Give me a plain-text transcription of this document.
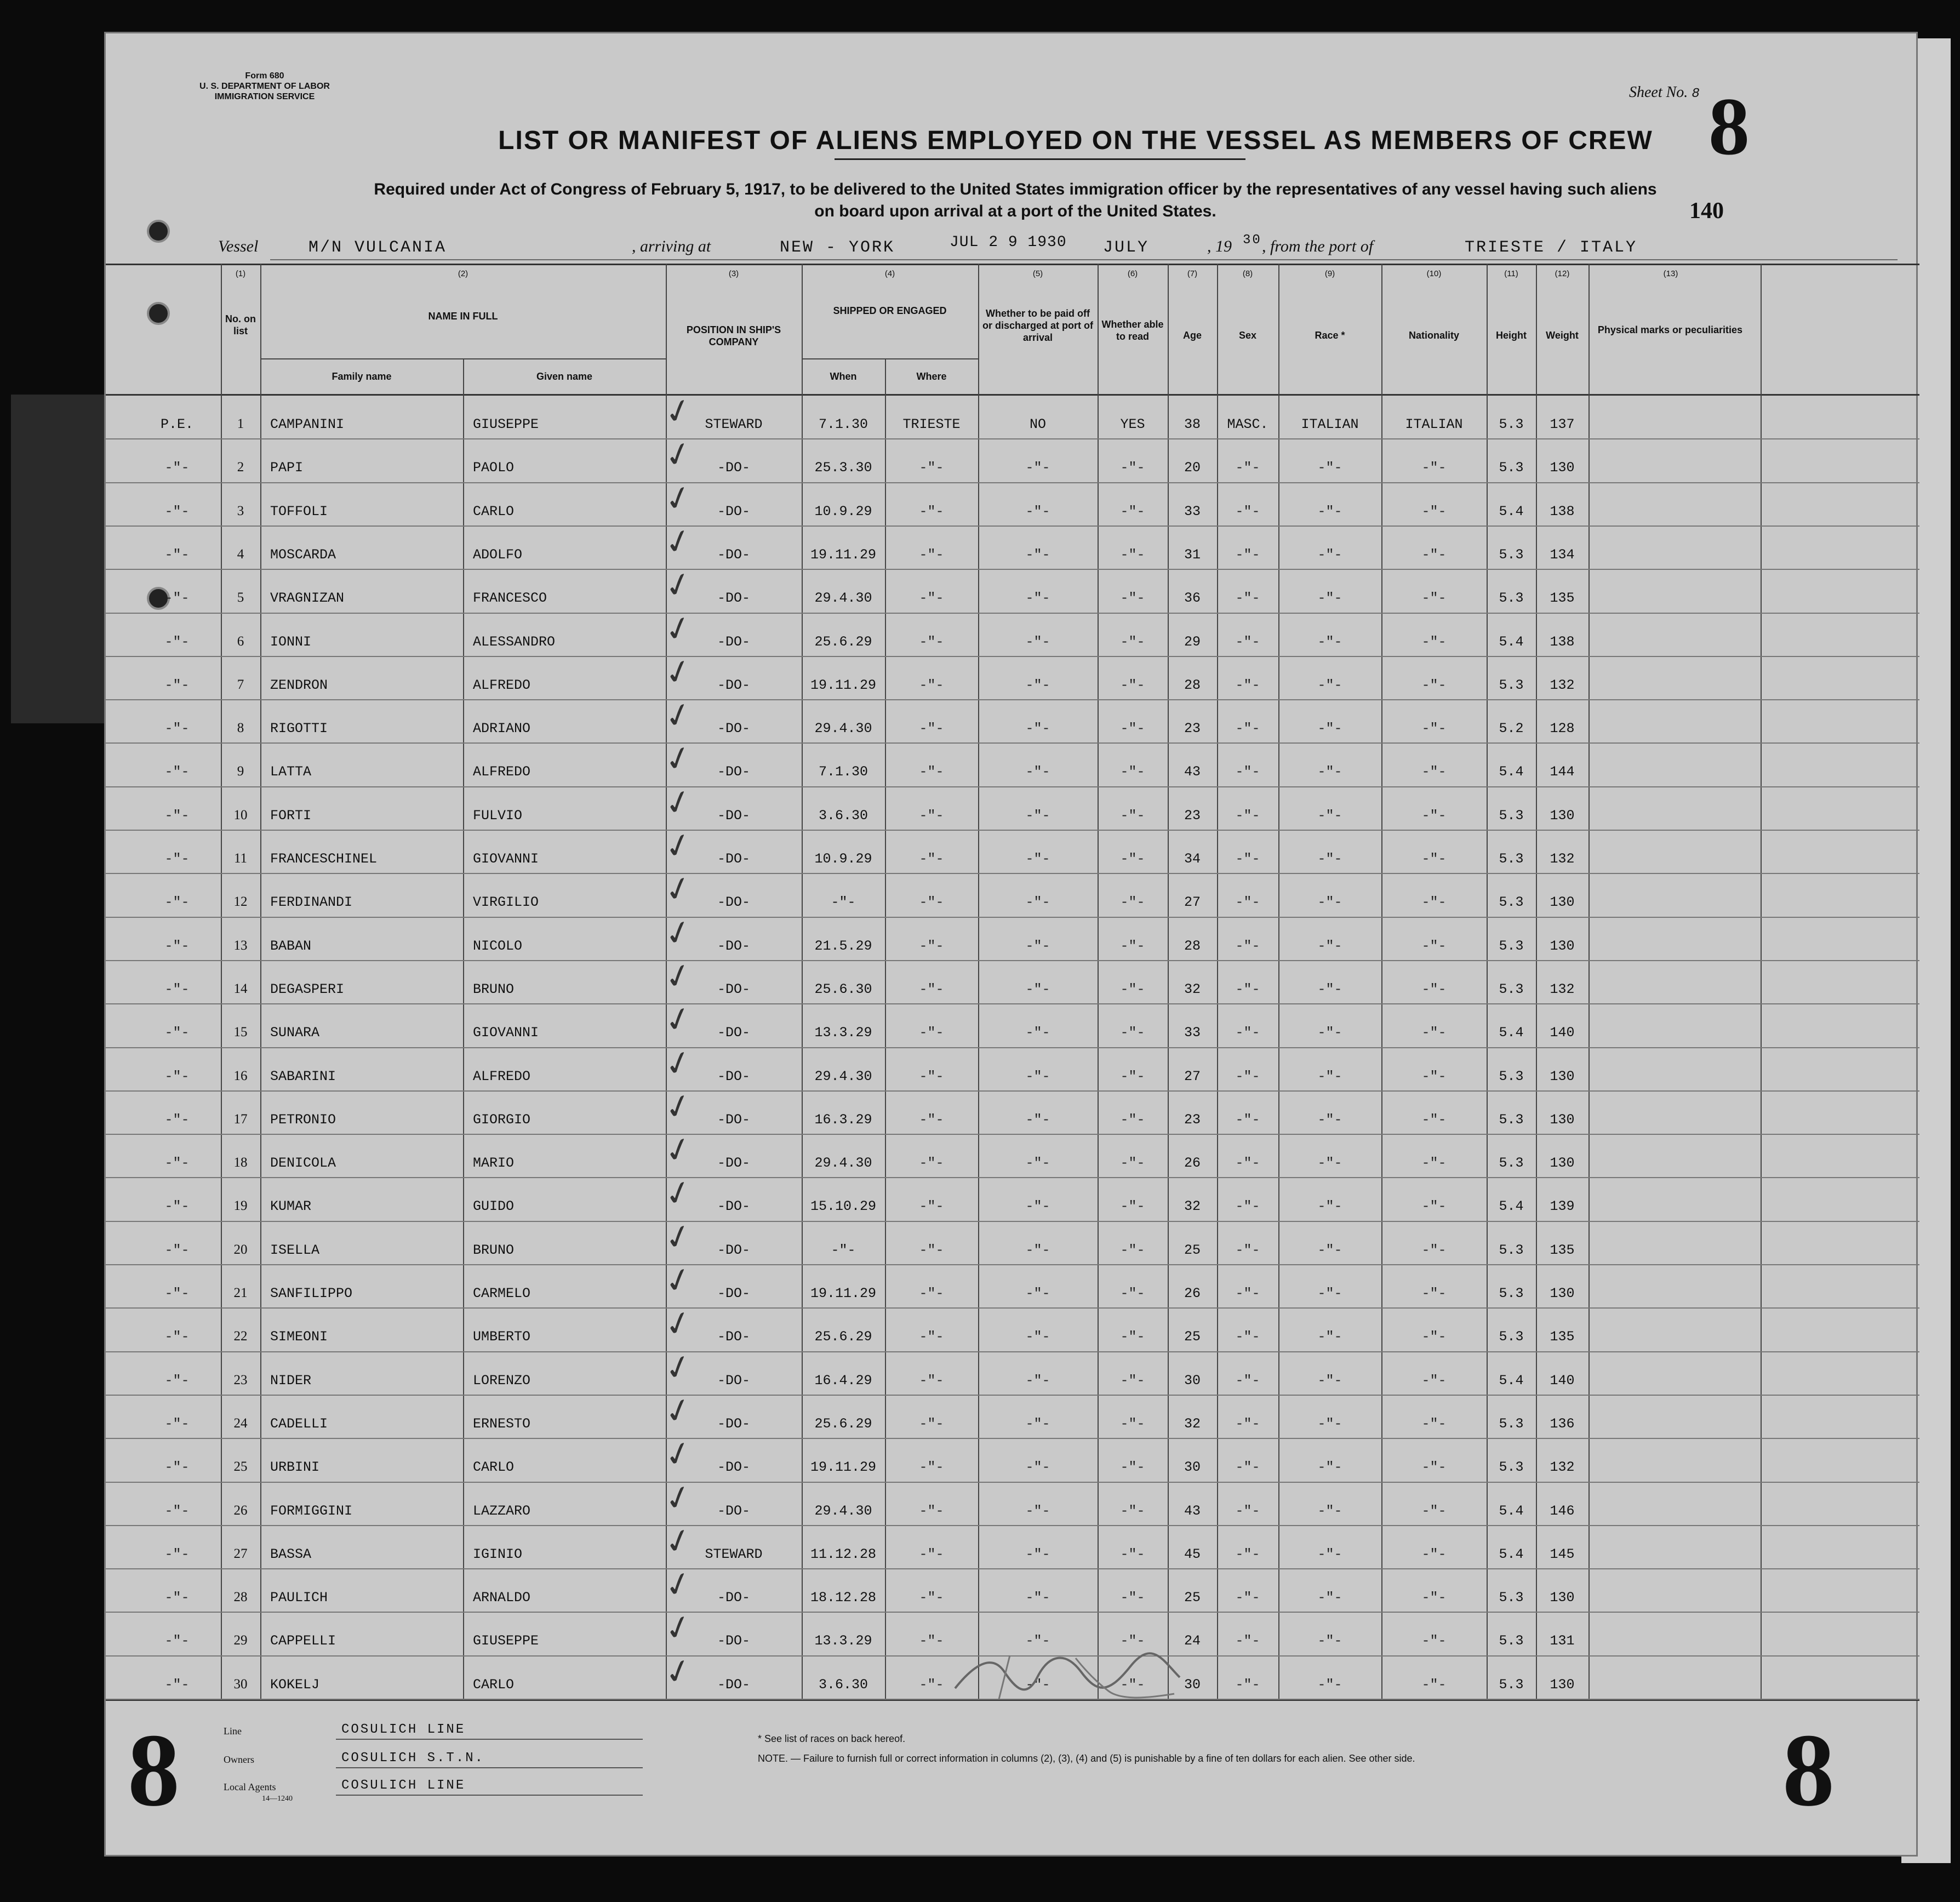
Form 680
U. S. DEPARTMENT OF LABOR
IMMIGRATION SERVICE	Sheet No. 8 8
140
LIST OR MANIFEST OF ALIENS EMPLOYED ON THE VESSEL AS MEMBERS OF CREW
Required under Act of Congress of February 5, 1917, to be delivered to the United States immigration officer by the representatives of any vessel having such aliens
on board upon arrival at a port of the United States.
Vessel	M/N VULCANIA	, arriving at	NEW - YORK	JUL 2 9 1930 JULY	, 19 30 , from the port of	TRIESTE / ITALY
(1)
No. on list
(2)
NAME IN FULL
Family name	Given name
(3)
POSITION IN SHIP'S COMPANY
(4)
SHIPPED OR ENGAGED
When	Where
(5)
Whether to be paid off or discharged at port of arrival
(6)
Whether able to read
(7)
Age
(8)
Sex
(9)
Race *
(10)
Nationality
(11)
Height
(12)
Weight
(13)
Physical marks or peculiarities
P.E.	1	CAMPANINI	GIUSEPPE	STEWARD	7.1.30	TRIESTE	NO	YES	38	MASC.	ITALIAN	ITALIAN	5.3	137
✓
-"-	2	PAPI	PAOLO	-DO-	25.3.30	-"-	-"-	-"-	20	-"-	-"-	-"-	5.3	130
✓
-"-	3	TOFFOLI	CARLO	-DO-	10.9.29	-"-	-"-	-"-	33	-"-	-"-	-"-	5.4	138
✓
-"-	4	MOSCARDA	ADOLFO	-DO-	19.11.29	-"-	-"-	-"-	31	-"-	-"-	-"-	5.3	134
✓
-"-	5	VRAGNIZAN	FRANCESCO	-DO-	29.4.30	-"-	-"-	-"-	36	-"-	-"-	-"-	5.3	135
✓
-"-	6	IONNI	ALESSANDRO	-DO-	25.6.29	-"-	-"-	-"-	29	-"-	-"-	-"-	5.4	138
✓
-"-	7	ZENDRON	ALFREDO	-DO-	19.11.29	-"-	-"-	-"-	28	-"-	-"-	-"-	5.3	132
✓
-"-	8	RIGOTTI	ADRIANO	-DO-	29.4.30	-"-	-"-	-"-	23	-"-	-"-	-"-	5.2	128
✓
-"-	9	LATTA	ALFREDO	-DO-	7.1.30	-"-	-"-	-"-	43	-"-	-"-	-"-	5.4	144
✓
-"-	10	FORTI	FULVIO	-DO-	3.6.30	-"-	-"-	-"-	23	-"-	-"-	-"-	5.3	130
✓
-"-	11	FRANCESCHINEL	GIOVANNI	-DO-	10.9.29	-"-	-"-	-"-	34	-"-	-"-	-"-	5.3	132
✓
-"-	12	FERDINANDI	VIRGILIO	-DO-	-"-	-"-	-"-	-"-	27	-"-	-"-	-"-	5.3	130
✓
-"-	13	BABAN	NICOLO	-DO-	21.5.29	-"-	-"-	-"-	28	-"-	-"-	-"-	5.3	130
✓
-"-	14	DEGASPERI	BRUNO	-DO-	25.6.30	-"-	-"-	-"-	32	-"-	-"-	-"-	5.3	132
✓
-"-	15	SUNARA	GIOVANNI	-DO-	13.3.29	-"-	-"-	-"-	33	-"-	-"-	-"-	5.4	140
✓
-"-	16	SABARINI	ALFREDO	-DO-	29.4.30	-"-	-"-	-"-	27	-"-	-"-	-"-	5.3	130
✓
-"-	17	PETRONIO	GIORGIO	-DO-	16.3.29	-"-	-"-	-"-	23	-"-	-"-	-"-	5.3	130
✓
-"-	18	DENICOLA	MARIO	-DO-	29.4.30	-"-	-"-	-"-	26	-"-	-"-	-"-	5.3	130
✓
-"-	19	KUMAR	GUIDO	-DO-	15.10.29	-"-	-"-	-"-	32	-"-	-"-	-"-	5.4	139
✓
-"-	20	ISELLA	BRUNO	-DO-	-"-	-"-	-"-	-"-	25	-"-	-"-	-"-	5.3	135
✓
-"-	21	SANFILIPPO	CARMELO	-DO-	19.11.29	-"-	-"-	-"-	26	-"-	-"-	-"-	5.3	130
✓
-"-	22	SIMEONI	UMBERTO	-DO-	25.6.29	-"-	-"-	-"-	25	-"-	-"-	-"-	5.3	135
✓
-"-	23	NIDER	LORENZO	-DO-	16.4.29	-"-	-"-	-"-	30	-"-	-"-	-"-	5.4	140
✓
-"-	24	CADELLI	ERNESTO	-DO-	25.6.29	-"-	-"-	-"-	32	-"-	-"-	-"-	5.3	136
✓
-"-	25	URBINI	CARLO	-DO-	19.11.29	-"-	-"-	-"-	30	-"-	-"-	-"-	5.3	132
✓
-"-	26	FORMIGGINI	LAZZARO	-DO-	29.4.30	-"-	-"-	-"-	43	-"-	-"-	-"-	5.4	146
✓
-"-	27	BASSA	IGINIO	STEWARD	11.12.28	-"-	-"-	-"-	45	-"-	-"-	-"-	5.4	145
✓
-"-	28	PAULICH	ARNALDO	-DO-	18.12.28	-"-	-"-	-"-	25	-"-	-"-	-"-	5.3	130
✓
-"-	29	CAPPELLI	GIUSEPPE	-DO-	13.3.29	-"-	-"-	-"-	24	-"-	-"-	-"-	5.3	131
✓
-"-	30	KOKELJ	CARLO	-DO-	3.6.30	-"-	-"-	-"-	30	-"-	-"-	-"-	5.3	130
✓
8	8
Line	COSULICH LINE
Owners	COSULICH S.T.N.
Local Agents	COSULICH LINE
14—1240
* See list of races on back hereof.
NOTE. — Failure to furnish full or correct information in columns (2), (3), (4) and (5) is punishable by a fine of ten dollars for each alien. See other side.
